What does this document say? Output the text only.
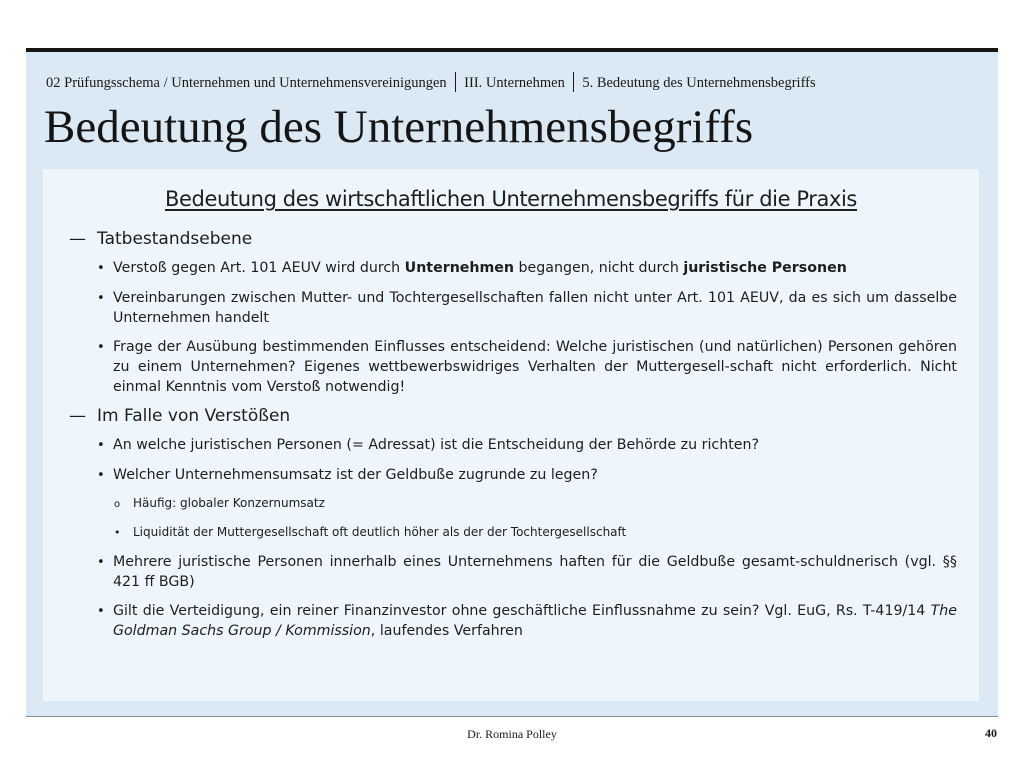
02 Prüfungsschema / Unternehmen und Unternehmensvereinigungen III. Unternehmen 5. Bedeutung des Unternehmensbegriffs
Bedeutung des Unternehmensbegriffs
Bedeutung des wirtschaftlichen Unternehmensbegriffs für die Praxis
— Tatbestandsebene
• Verstoß gegen Art. 101 AEUV wird durch Unternehmen begangen, nicht durch juristische Personen
• Vereinbarungen zwischen Mutter- und Tochtergesellschaften fallen nicht unter Art. 101 AEUV, da es sich um dasselbe Unternehmen handelt
• Frage der Ausübung bestimmenden Einflusses entscheidend: Welche juristischen (und natürlichen) Personen gehören zu einem Unternehmen? Eigenes wettbewerbswidriges Verhalten der Muttergesell-schaft nicht erforderlich. Nicht einmal Kenntnis vom Verstoß notwendig!
— Im Falle von Verstößen
• An welche juristischen Personen (= Adressat) ist die Entscheidung der Behörde zu richten?
• Welcher Unternehmensumsatz ist der Geldbuße zugrunde zu legen?
o	Häufig: globaler Konzernumsatz
•	Liquidität der Muttergesellschaft oft deutlich höher als der der Tochtergesellschaft
• Mehrere juristische Personen innerhalb eines Unternehmens haften für die Geldbuße gesamt-schuldnerisch (vgl. §§ 421 ff BGB)
• Gilt die Verteidigung, ein reiner Finanzinvestor ohne geschäftliche Einflussnahme zu sein? Vgl. EuG, Rs. T-419/14 The Goldman Sachs Group / Kommission, laufendes Verfahren
Dr. Romina Polley	40
